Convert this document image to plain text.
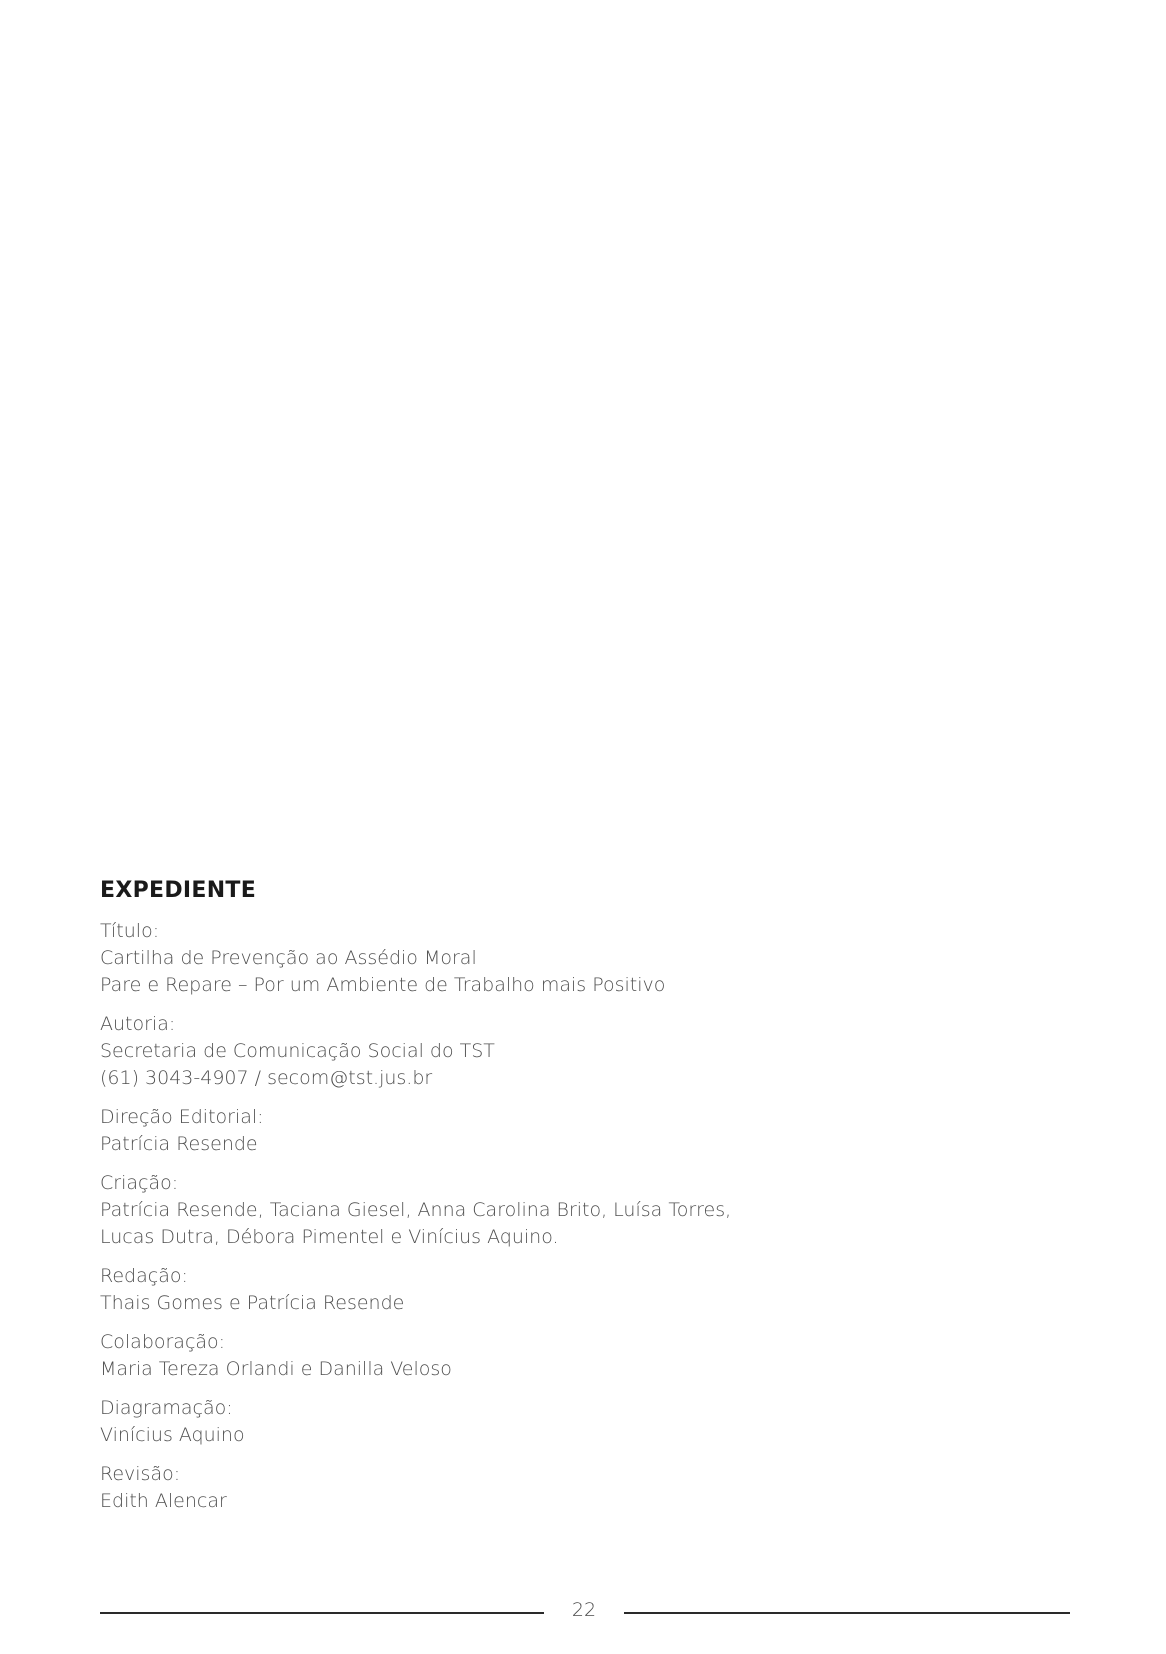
EXPEDIENTE
Título:
Cartilha de Prevenção ao Assédio Moral
Pare e Repare – Por um Ambiente de Trabalho mais Positivo
Autoria:
Secretaria de Comunicação Social do TST
(61) 3043-4907 / secom@tst.jus.br
Direção Editorial:
Patrícia Resende
Criação:
Patrícia Resende, Taciana Giesel, Anna Carolina Brito, Luísa Torres,
Lucas Dutra, Débora Pimentel e Vinícius Aquino.
Redação:
Thais Gomes e Patrícia Resende
Colaboração:
Maria Tereza Orlandi e Danilla Veloso
Diagramação:
Vinícius Aquino
Revisão:
Edith Alencar
22
